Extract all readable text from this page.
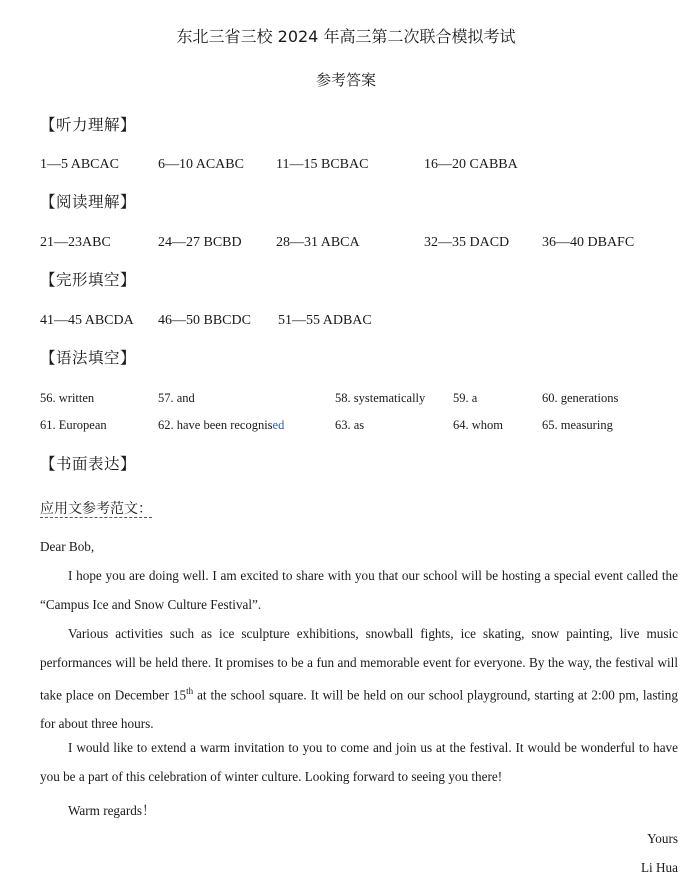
东北三省三校 2024 年高三第二次联合模拟考试
参考答案
【听力理解】
1—5 ABCAC	6—10 ACABC 11—15 BCBAC	16—20 CABBA
【阅读理解】
21—23ABC	24—27 BCBD 28—31 ABCA	32—35 DACD 36—40 DBAFC
【完形填空】
41—45 ABCDA 46—50 BBCDC 51—55 ADBAC
【语法填空】
56. written	57. and	58. systematically 59. a	60. generations
61. European	62. have been recognised	63. as	64. whom	65. measuring
【书面表达】
应用文参考范文：
Dear Bob,
I hope you are doing well. I am excited to share with you that our school will be hosting a special event called the “Campus Ice and Snow Culture Festival”.
Various activities such as ice sculpture exhibitions, snowball fights, ice skating, snow painting, live music performances will be held there. It promises to be a fun and memorable event for everyone. By the way, the festival will take place on December 15th at the school square. It will be held on our school playground, starting at 2:00 pm, lasting for about three hours.
I would like to extend a warm invitation to you to come and join us at the festival. It would be wonderful to have you be a part of this celebration of winter culture. Looking forward to seeing you there!
Warm regards！
Yours
Li Hua
